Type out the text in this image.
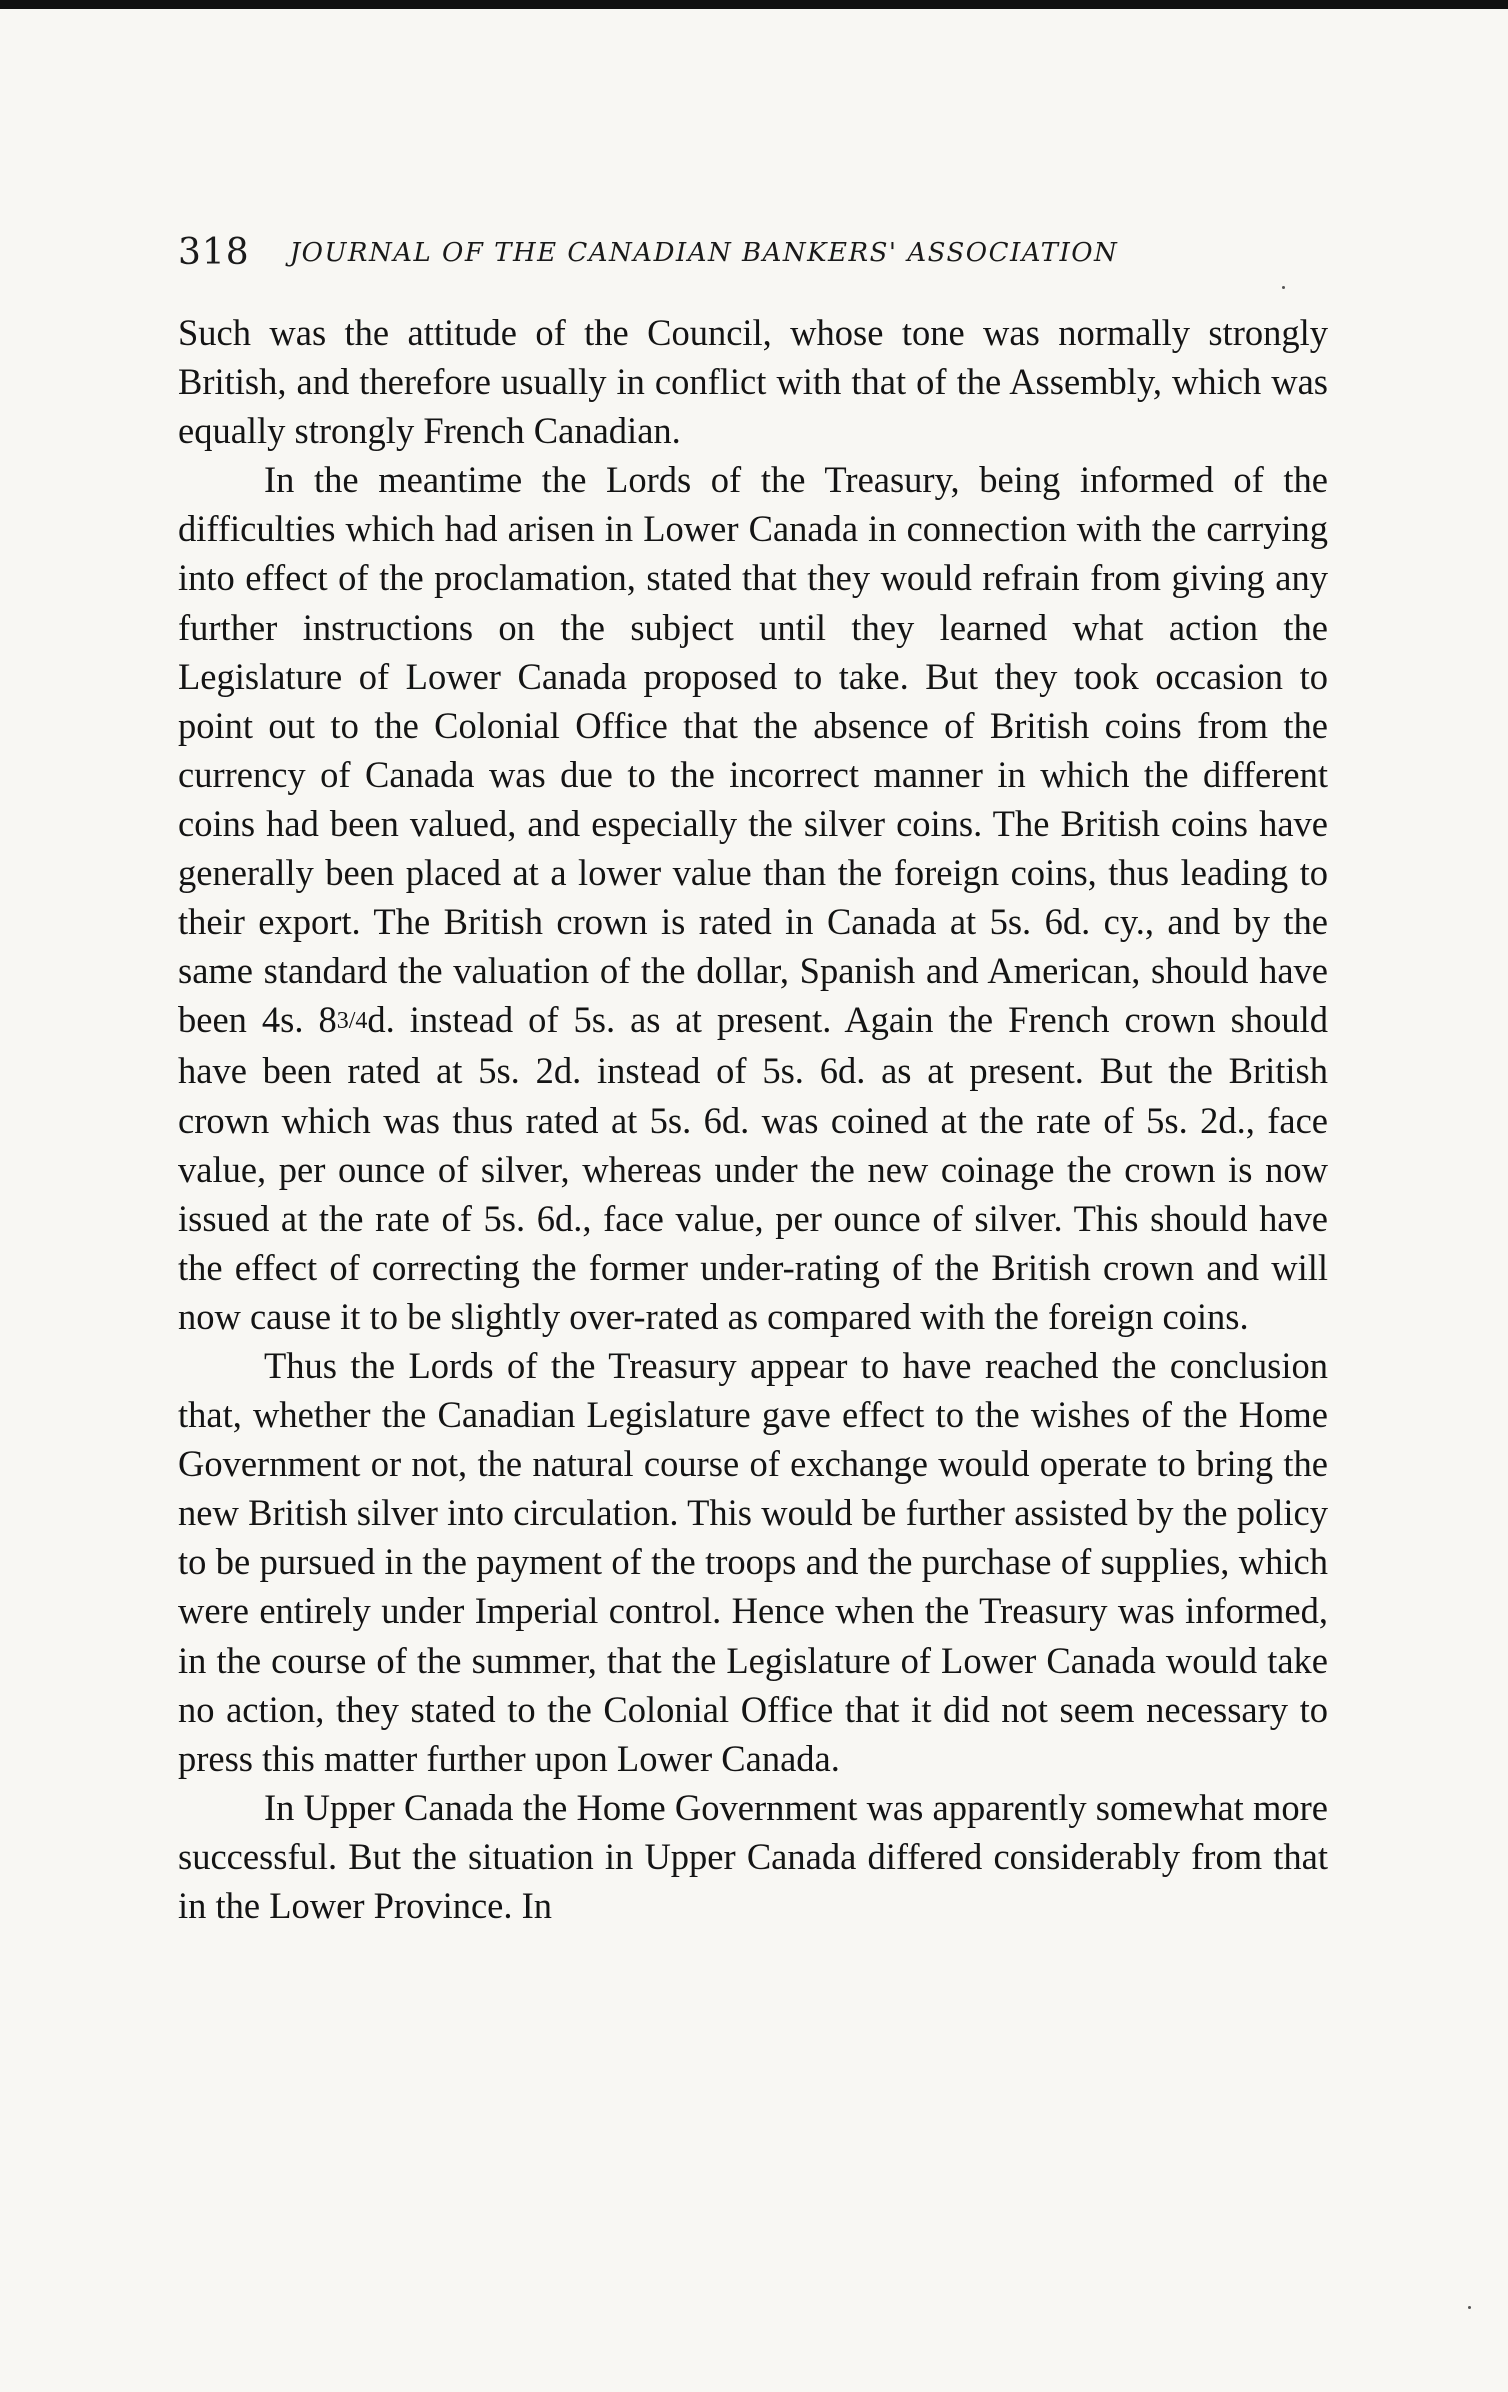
318 JOURNAL OF THE CANADIAN BANKERS' ASSOCIATION

Such was the attitude of the Council, whose tone was normally strongly British, and therefore usually in conflict with that of the Assembly, which was equally strongly French Canadian.

In the meantime the Lords of the Treasury, being informed of the difficulties which had arisen in Lower Canada in connection with the carrying into effect of the proclamation, stated that they would refrain from giving any further instructions on the subject until they learned what action the Legislature of Lower Canada proposed to take. But they took occasion to point out to the Colonial Office that the absence of British coins from the currency of Canada was due to the incorrect manner in which the different coins had been valued, and especially the silver coins. The British coins have generally been placed at a lower value than the foreign coins, thus leading to their export. The British crown is rated in Canada at 5s. 6d. cy., and by the same standard the valuation of the dollar, Spanish and American, should have been 4s. 83/4d. instead of 5s. as at present. Again the French crown should have been rated at 5s. 2d. instead of 5s. 6d. as at present. But the British crown which was thus rated at 5s. 6d. was coined at the rate of 5s. 2d., face value, per ounce of silver, whereas under the new coinage the crown is now issued at the rate of 5s. 6d., face value, per ounce of silver. This should have the effect of correcting the former under-rating of the British crown and will now cause it to be slightly over-rated as compared with the foreign coins.

Thus the Lords of the Treasury appear to have reached the conclusion that, whether the Canadian Legislature gave effect to the wishes of the Home Government or not, the natural course of exchange would operate to bring the new British silver into circulation. This would be further assisted by the policy to be pursued in the payment of the troops and the purchase of supplies, which were entirely under Imperial control. Hence when the Treasury was informed, in the course of the summer, that the Legislature of Lower Canada would take no action, they stated to the Colonial Office that it did not seem necessary to press this matter further upon Lower Canada.

In Upper Canada the Home Government was apparently somewhat more successful. But the situation in Upper Canada differed considerably from that in the Lower Province. In
